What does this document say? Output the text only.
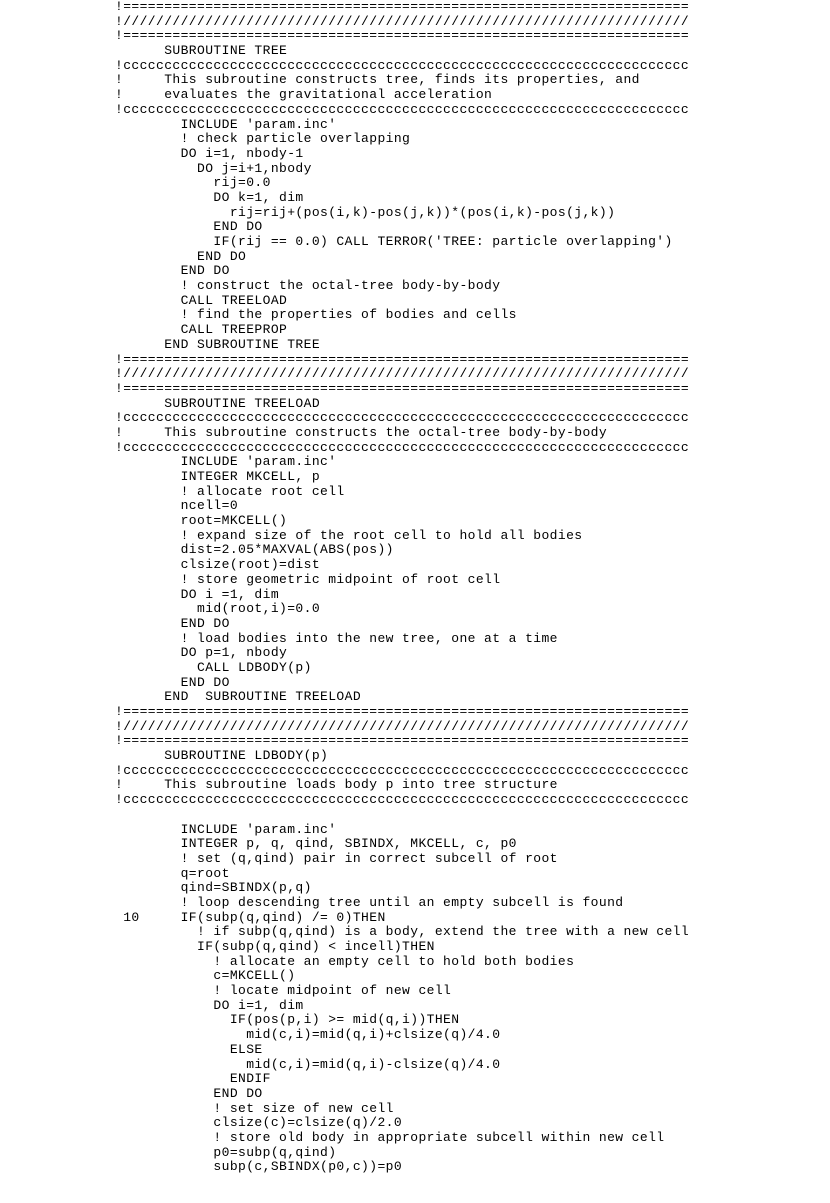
!=====================================================================
!/////////////////////////////////////////////////////////////////////
!=====================================================================
SUBROUTINE TREE
!ccccccccccccccccccccccccccccccccccccccccccccccccccccccccccccccccccccc
!     This subroutine constructs tree, finds its properties, and
!     evaluates the gravitational acceleration
!ccccccccccccccccccccccccccccccccccccccccccccccccccccccccccccccccccccc
INCLUDE 'param.inc'
! check particle overlapping
DO i=1, nbody-1
DO j=i+1,nbody
rij=0.0
DO k=1, dim
rij=rij+(pos(i,k)-pos(j,k))*(pos(i,k)-pos(j,k))
END DO
IF(rij == 0.0) CALL TERROR('TREE: particle overlapping')
END DO
END DO
! construct the octal-tree body-by-body
CALL TREELOAD
! find the properties of bodies and cells
CALL TREEPROP
END SUBROUTINE TREE
!=====================================================================
!/////////////////////////////////////////////////////////////////////
!=====================================================================
SUBROUTINE TREELOAD
!ccccccccccccccccccccccccccccccccccccccccccccccccccccccccccccccccccccc
!     This subroutine constructs the octal-tree body-by-body
!ccccccccccccccccccccccccccccccccccccccccccccccccccccccccccccccccccccc
INCLUDE 'param.inc'
INTEGER MKCELL, p
! allocate root cell
ncell=0
root=MKCELL()
! expand size of the root cell to hold all bodies
dist=2.05*MAXVAL(ABS(pos))
clsize(root)=dist
! store geometric midpoint of root cell
DO i =1, dim
mid(root,i)=0.0
END DO
! load bodies into the new tree, one at a time
DO p=1, nbody
CALL LDBODY(p)
END DO
END  SUBROUTINE TREELOAD
!=====================================================================
!/////////////////////////////////////////////////////////////////////
!=====================================================================
SUBROUTINE LDBODY(p)
!ccccccccccccccccccccccccccccccccccccccccccccccccccccccccccccccccccccc
!     This subroutine loads body p into tree structure
!ccccccccccccccccccccccccccccccccccccccccccccccccccccccccccccccccccccc
INCLUDE 'param.inc'
INTEGER p, q, qind, SBINDX, MKCELL, c, p0
! set (q,qind) pair in correct subcell of root
q=root
qind=SBINDX(p,q)
! loop descending tree until an empty subcell is found
10     IF(subp(q,qind) /= 0)THEN
! if subp(q,qind) is a body, extend the tree with a new cell
IF(subp(q,qind) < incell)THEN
! allocate an empty cell to hold both bodies
c=MKCELL()
! locate midpoint of new cell
DO i=1, dim
IF(pos(p,i) >= mid(q,i))THEN
mid(c,i)=mid(q,i)+clsize(q)/4.0
ELSE
mid(c,i)=mid(q,i)-clsize(q)/4.0
ENDIF
END DO
! set size of new cell
clsize(c)=clsize(q)/2.0
! store old body in appropriate subcell within new cell
p0=subp(q,qind)
subp(c,SBINDX(p0,c))=p0
